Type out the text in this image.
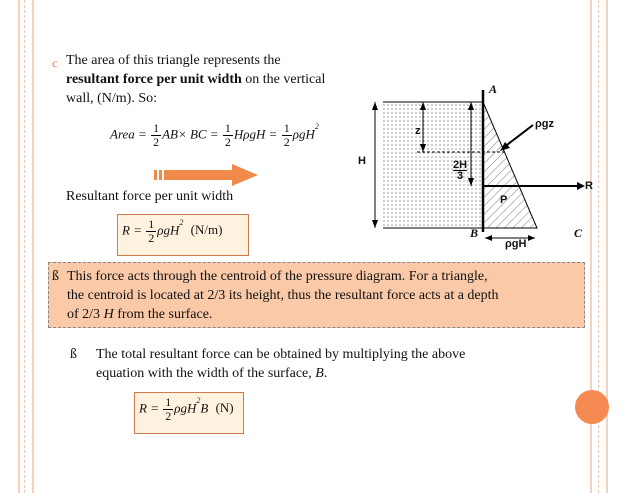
c The area of this triangle represents the
resultant force per unit width on the vertical
wall, (N/m). So:
Area = $\frac{1}{2} AB\times$ BC = $\frac{1}{2}$ $H\rho gH = \frac{1}{2} \rho gH^2$
Resultant force per unit width
$R = \frac{1}{2} \rho gH^2$ (N/m)
A
B	C
ρgz
z
H	$\frac{2H}{3}$
R
P
ρgH
ß This force acts through the centroid of the pressure diagram. For a triangle,
the centroid is located at 2/3 its height, thus the resultant force acts at a depth
of 2/3 H from the surface.
ß The total resultant force can be obtained by multiplying the above
equation with the width of the surface, B.
$R = \frac{1}{2} \rho gH^2B$ (N)
